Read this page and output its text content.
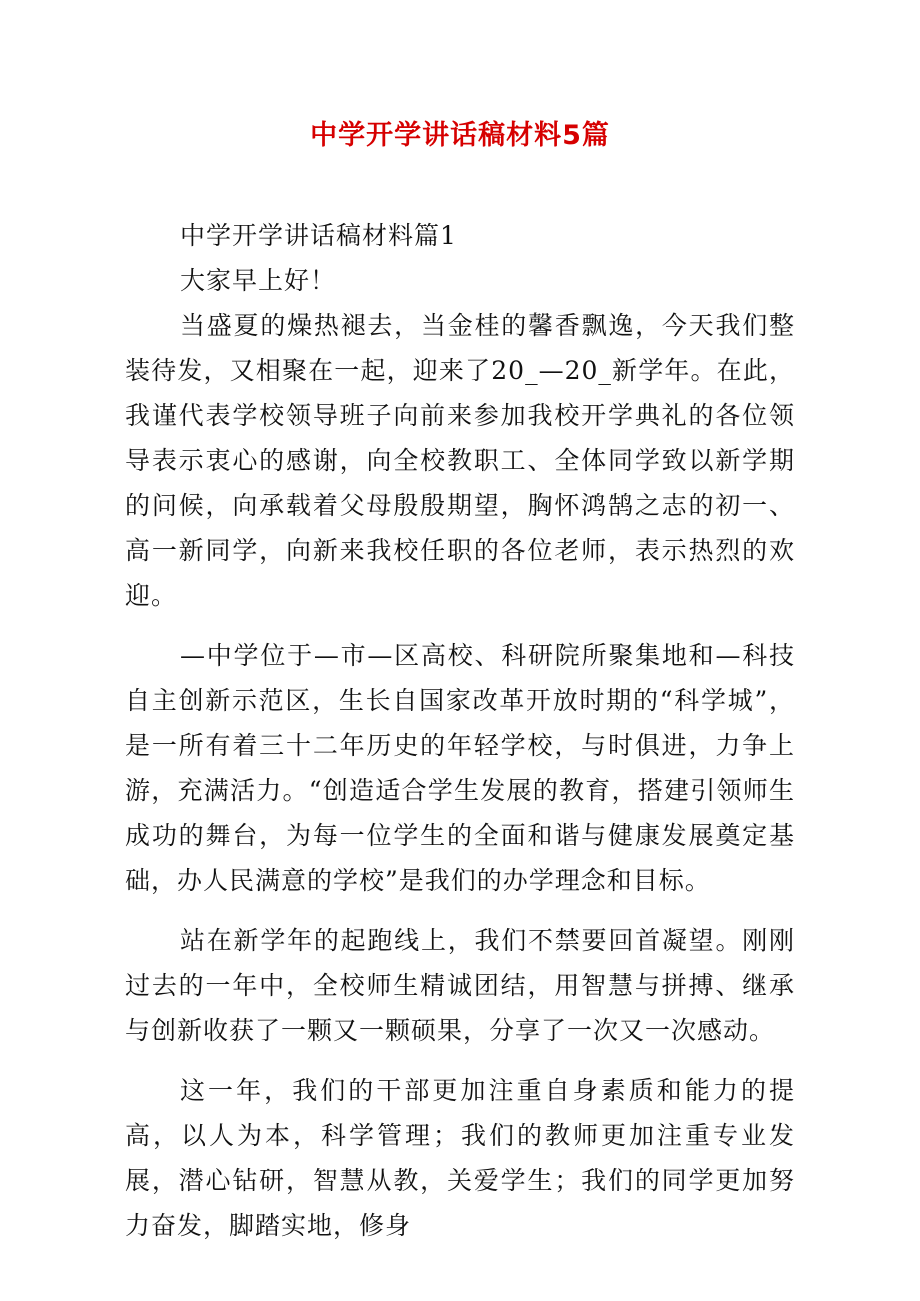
中学开学讲话稿材料5篇

中学开学讲话稿材料篇1

大家早上好！

当盛夏的燥热褪去，当金桂的馨香飘逸，今天我们整装待发，又相聚在一起，迎来了20_—20_新学年。在此，我谨代表学校领导班子向前来参加我校开学典礼的各位领导表示衷心的感谢，向全校教职工、全体同学致以新学期的问候，向承载着父母殷殷期望，胸怀鸿鹄之志的初一、高一新同学，向新来我校任职的各位老师，表示热烈的欢迎。

—中学位于—市—区高校、科研院所聚集地和—科技自主创新示范区，生长自国家改革开放时期的“科学城”，是一所有着三十二年历史的年轻学校，与时俱进，力争上游，充满活力。“创造适合学生发展的教育，搭建引领师生成功的舞台，为每一位学生的全面和谐与健康发展奠定基础，办人民满意的学校”是我们的办学理念和目标。

站在新学年的起跑线上，我们不禁要回首凝望。刚刚过去的一年中，全校师生精诚团结，用智慧与拼搏、继承与创新收获了一颗又一颗硕果，分享了一次又一次感动。

这一年，我们的干部更加注重自身素质和能力的提高，以人为本，科学管理；我们的教师更加注重专业发展，潜心钻研，智慧从教，关爱学生；我们的同学更加努力奋发，脚踏实地，修身
